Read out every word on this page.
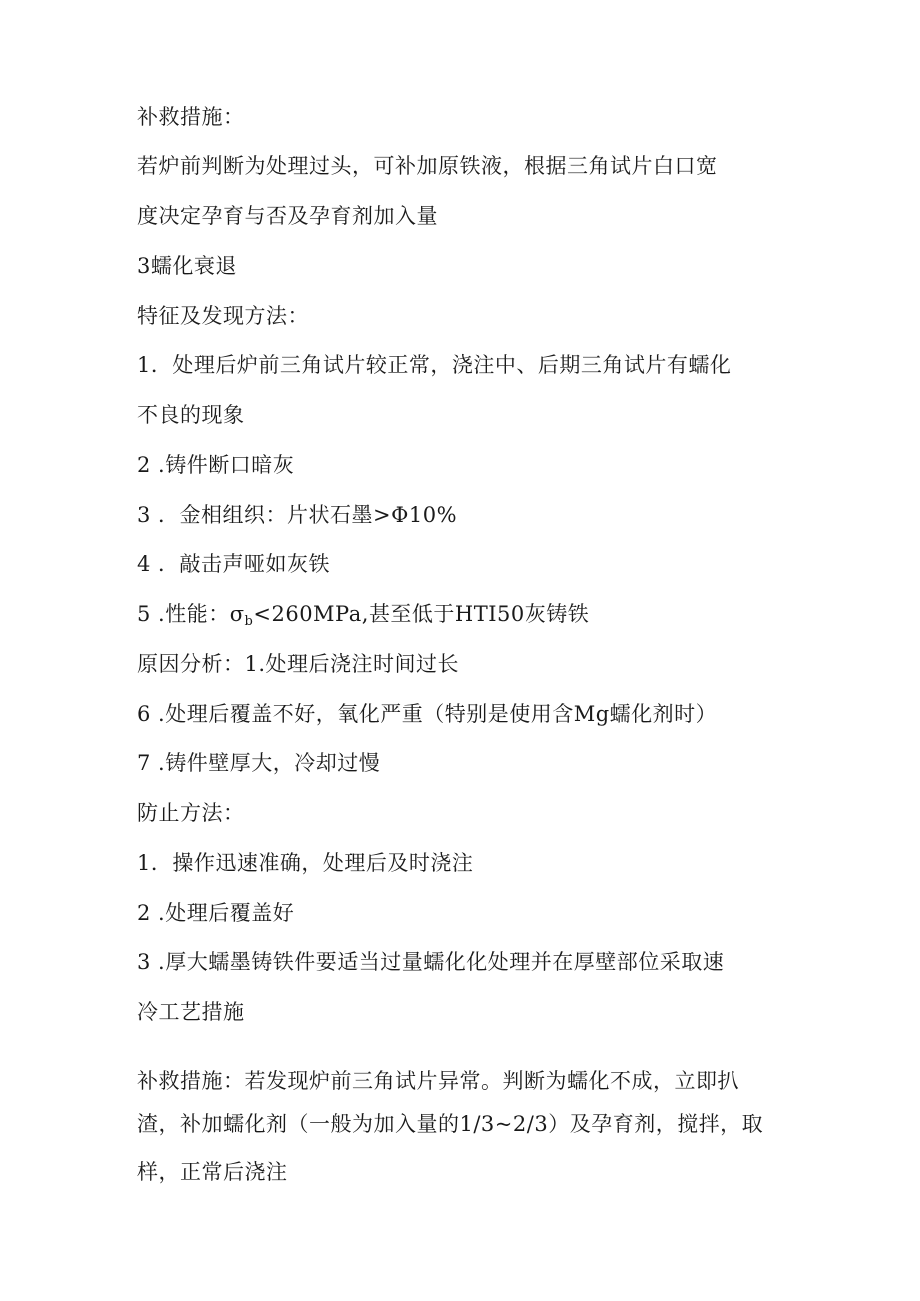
补救措施：
若炉前判断为处理过头，可补加原铁液，根据三角试片白口宽
度决定孕育与否及孕育剂加入量
3蠕化衰退
特征及发现方法：
1．处理后炉前三角试片较正常，浇注中、后期三角试片有蠕化
不良的现象
2 .铸件断口暗灰
3 ．金相组织：片状石墨>Φ10%
4 ．敲击声哑如灰铁
5 .性能：$\sigma_b<260MPa$,甚至低于HTI50灰铸铁
原因分析：1.处理后浇注时间过长
6 .处理后覆盖不好，氧化严重（特别是使用含Mg蠕化剂时）
7 .铸件壁厚大，冷却过慢
防止方法：
1．操作迅速准确，处理后及时浇注
2 .处理后覆盖好
3 .厚大蠕墨铸铁件要适当过量蠕化化处理并在厚壁部位采取速
冷工艺措施
补救措施：若发现炉前三角试片异常。判断为蠕化不成，立即扒
渣，补加蠕化剂（一般为加入量的1/3~2/3）及孕育剂，搅拌，取
样，正常后浇注
